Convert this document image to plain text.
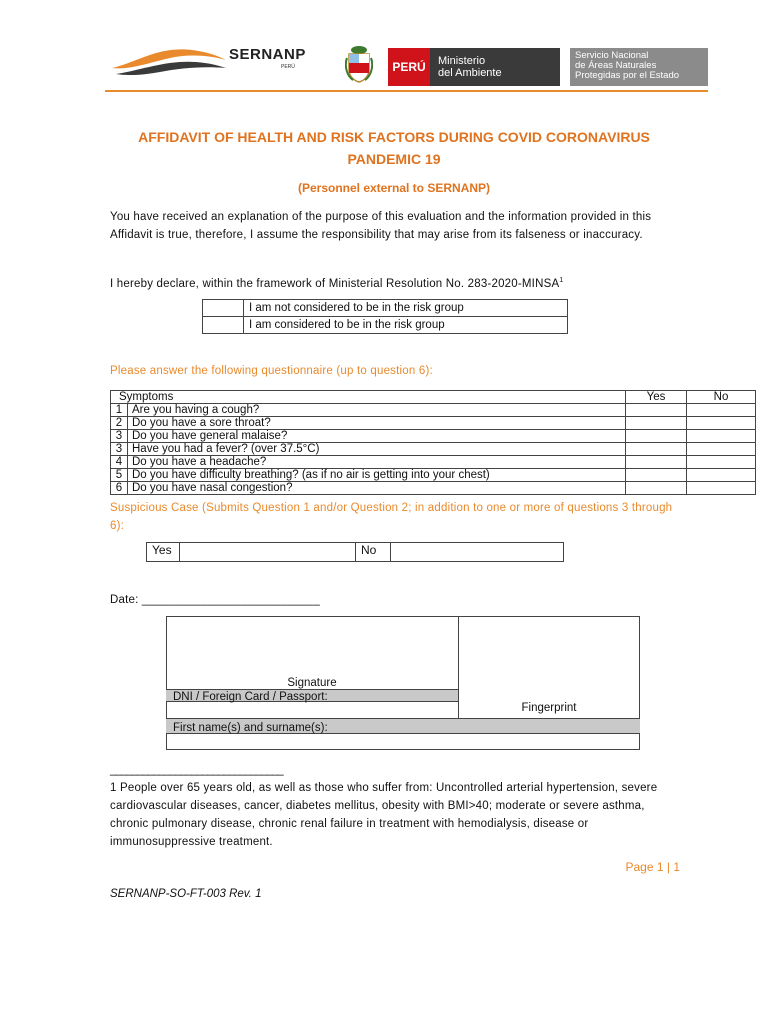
SERNANP
PERÚ	PERÚ	Ministerio
del Ambiente
Servicio Nacional
de Áreas Naturales
Protegidas por el Estado
AFFIDAVIT OF HEALTH AND RISK FACTORS DURING COVID CORONAVIRUS
PANDEMIC 19
(Personnel external to SERNANP)
You have received an explanation of the purpose of this evaluation and the information provided in this Affidavit is true, therefore, I assume the responsibility that may arise from its falseness or inaccuracy.
I hereby declare, within the framework of Ministerial Resolution No. 283-2020-MINSA$^1$
	I am not considered to be in the risk group
	I am considered to be in the risk group
Please answer the following questionnaire (up to question 6):
Symptoms		Yes	No
1	Are you having a cough?		
2	Do you have a sore throat?		
3	Do you have general malaise?		
3	Have you had a fever? (over 37.5°C)		
4	Do you have a headache?		
5	Do you have difficulty breathing? (as if no air is getting into your chest)		
6	Do you have nasal congestion?		
Suspicious Case (Submits Question 1 and/or Question 2; in addition to one or more of questions 3 through 6):
Yes		No	
Date: ___________________________
Signature
DNI / Foreign Card / Passport:
Fingerprint
First name(s) and surname(s):
________________________________
1 People over 65 years old, as well as those who suffer from: Uncontrolled arterial hypertension, severe cardiovascular diseases, cancer, diabetes mellitus, obesity with BMI>40; moderate or severe asthma, chronic pulmonary disease, chronic renal failure in treatment with hemodialysis, disease or immunosuppressive treatment.
Page 1 | 1
SERNANP-SO-FT-003 Rev. 1
